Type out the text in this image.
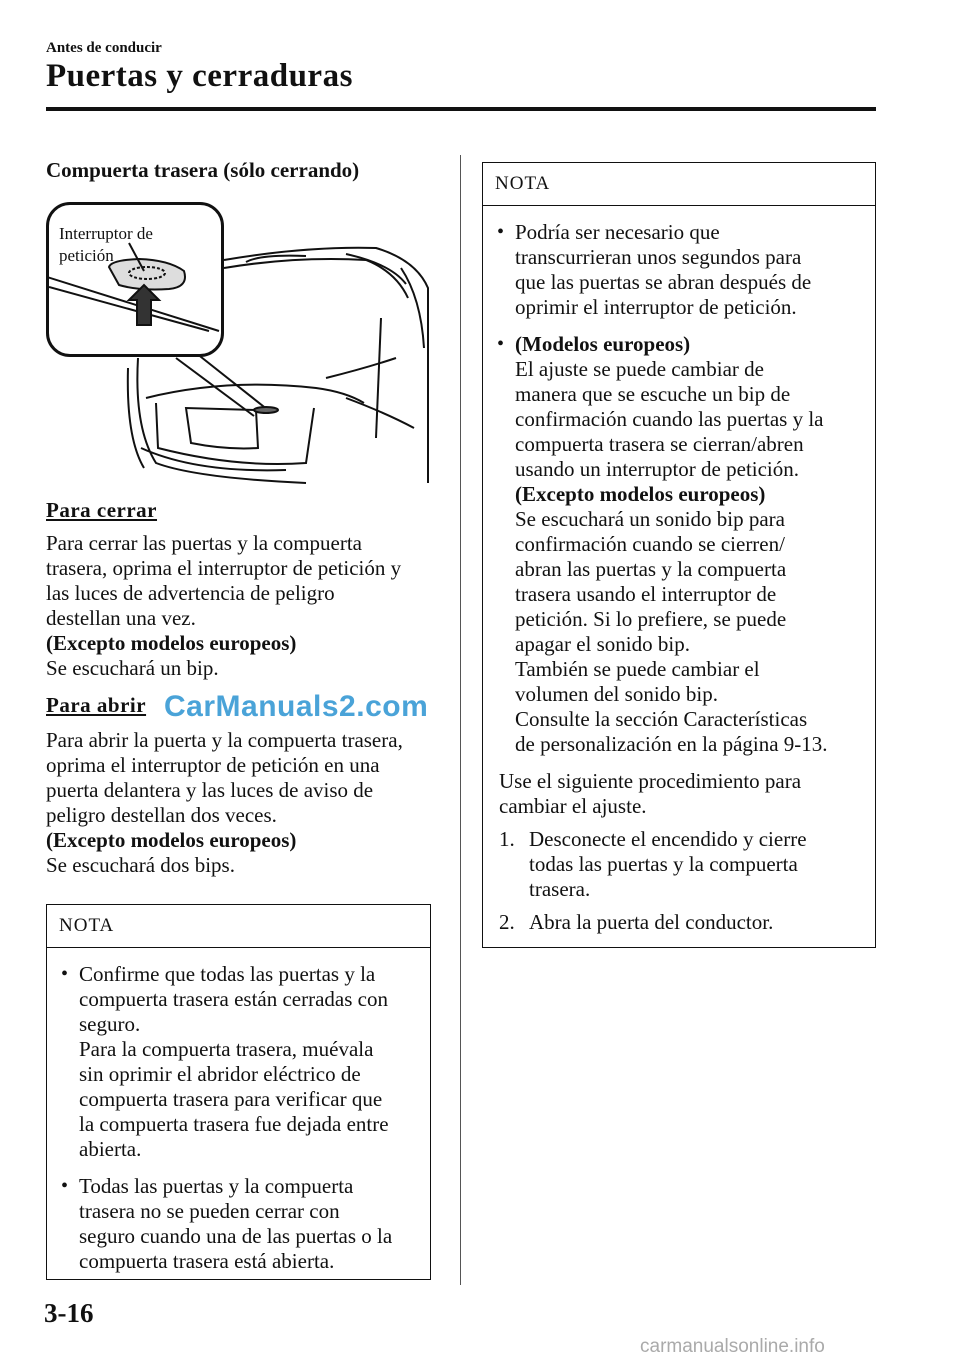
Antes de conducir
Puertas y cerraduras
Compuerta trasera (sólo cerrando)
Interruptor de
petición
Para cerrar
Para cerrar las puertas y la compuerta
trasera, oprima el interruptor de petición y
las luces de advertencia de peligro
destellan una vez.
(Excepto modelos europeos)
Se escuchará un bip.
Para abrir
Para abrir la puerta y la compuerta trasera,
oprima el interruptor de petición en una
puerta delantera y las luces de aviso de
peligro destellan dos veces.
(Excepto modelos europeos)
Se escuchará dos bips.
NOTA
• Confirme que todas las puertas y la
compuerta trasera están cerradas con
seguro.
Para la compuerta trasera, muévala
sin oprimir el abridor eléctrico de
compuerta trasera para verificar que
la compuerta trasera fue dejada entre
abierta.
• Todas las puertas y la compuerta
trasera no se pueden cerrar con
seguro cuando una de las puertas o la
compuerta trasera está abierta.
NOTA
• Podría ser necesario que
transcurrieran unos segundos para
que las puertas se abran después de
oprimir el interruptor de petición.
• (Modelos europeos)
El ajuste se puede cambiar de
manera que se escuche un bip de
confirmación cuando las puertas y la
compuerta trasera se cierran/abren
usando un interruptor de petición.
(Excepto modelos europeos)
Se escuchará un sonido bip para
confirmación cuando se cierren/
abran las puertas y la compuerta
trasera usando el interruptor de
petición. Si lo prefiere, se puede
apagar el sonido bip.
También se puede cambiar el
volumen del sonido bip.
Consulte la sección Características
de personalización en la página 9-13.
Use el siguiente procedimiento para
cambiar el ajuste.
1. Desconecte el encendido y cierre
todas las puertas y la compuerta
trasera.
2. Abra la puerta del conductor.
CarManuals2.com
3-16
carmanualsonline.info
